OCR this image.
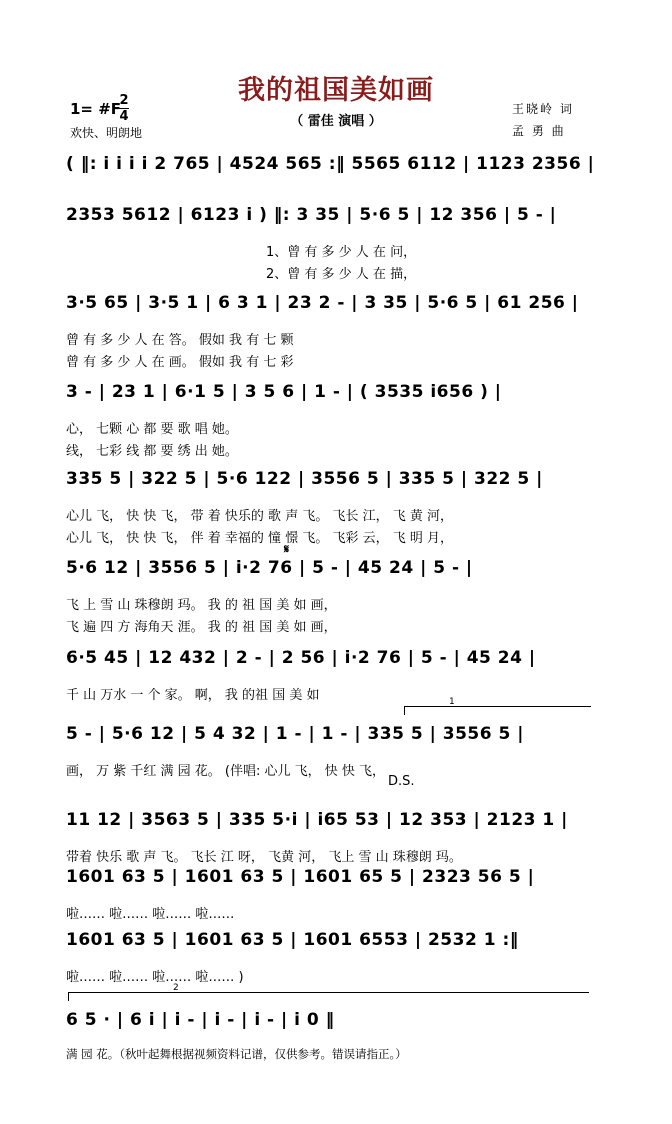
我的祖国美如画
（ 雷佳 演唱 ）
1= #F
2
4
欢快、明朗地
王晓岭 词
孟 勇 曲
( ‖: i i i i 2 765 | 4524 565 :‖ 5565 6112 | 1123 2356 |
2353 5612 | 6123 i ) ‖: 3 35 | 5·6 5 | 12 356 | 5 - |
1、曾 有 多 少 人 在 问，
2、曾 有 多 少 人 在 描，
3·5 65 | 3·5 1 | 6 3 1 | 23 2 - | 3 35 | 5·6 5 | 61 256 |
曾 有 多 少 人 在 答。 假如 我 有 七 颗
曾 有 多 少 人 在 画。 假如 我 有 七 彩
3 - | 23 1 | 6·1 5 | 3 5 6 | 1 - | ( 3535 i656 ) |
心， 七颗 心 都 要 歌 唱 她。
线， 七彩 线 都 要 绣 出 她。
335 5 | 322 5 | 5·6 122 | 3556 5 | 335 5 | 322 5 |
心儿 飞， 快 快 飞， 带 着 快乐的 歌 声 飞。 飞长 江， 飞 黄 河，
心儿 飞， 快 快 飞， 伴 着 幸福的 憧 憬 飞。 飞彩 云， 飞 明 月，
𝄋
5·6 12 | 3556 5 | i·2 76 | 5 - | 45 24 | 5 - |
飞 上 雪 山 珠穆朗 玛。 我 的 祖 国 美 如 画，
飞 遍 四 方 海角天 涯。 我 的 祖 国 美 如 画，
6·5 45 | 12 432 | 2 - | 2 56 | i·2 76 | 5 - | 45 24 |
千 山 万水 一 个 家。 啊， 我 的祖 国 美 如	1
5 - | 5·6 12 | 5 4 32 | 1 - | 1 - | 335 5 | 3556 5 |
画， 万 紫 千红 满 园 花。 (伴唱: 心儿 飞， 快 快 飞，
D.S.
11 12 | 3563 5 | 335 5·i | i65 53 | 12 353 | 2123 1 |
带着 快乐 歌 声 飞。 飞长 江 呀， 飞黄 河， 飞上 雪 山 珠穆朗 玛。
1601 63 5 | 1601 63 5 | 1601 65 5 | 2323 56 5 |
啦…… 啦…… 啦…… 啦……
1601 63 5 | 1601 63 5 | 1601 6553 | 2532 1 :‖
啦…… 啦…… 啦…… 啦…… )
2
6 5 · | 6 i | i - | i - | i - | i 0 ‖
满 园 花。（秋叶起舞根据视频资料记谱，仅供参考。错误请指正。）
